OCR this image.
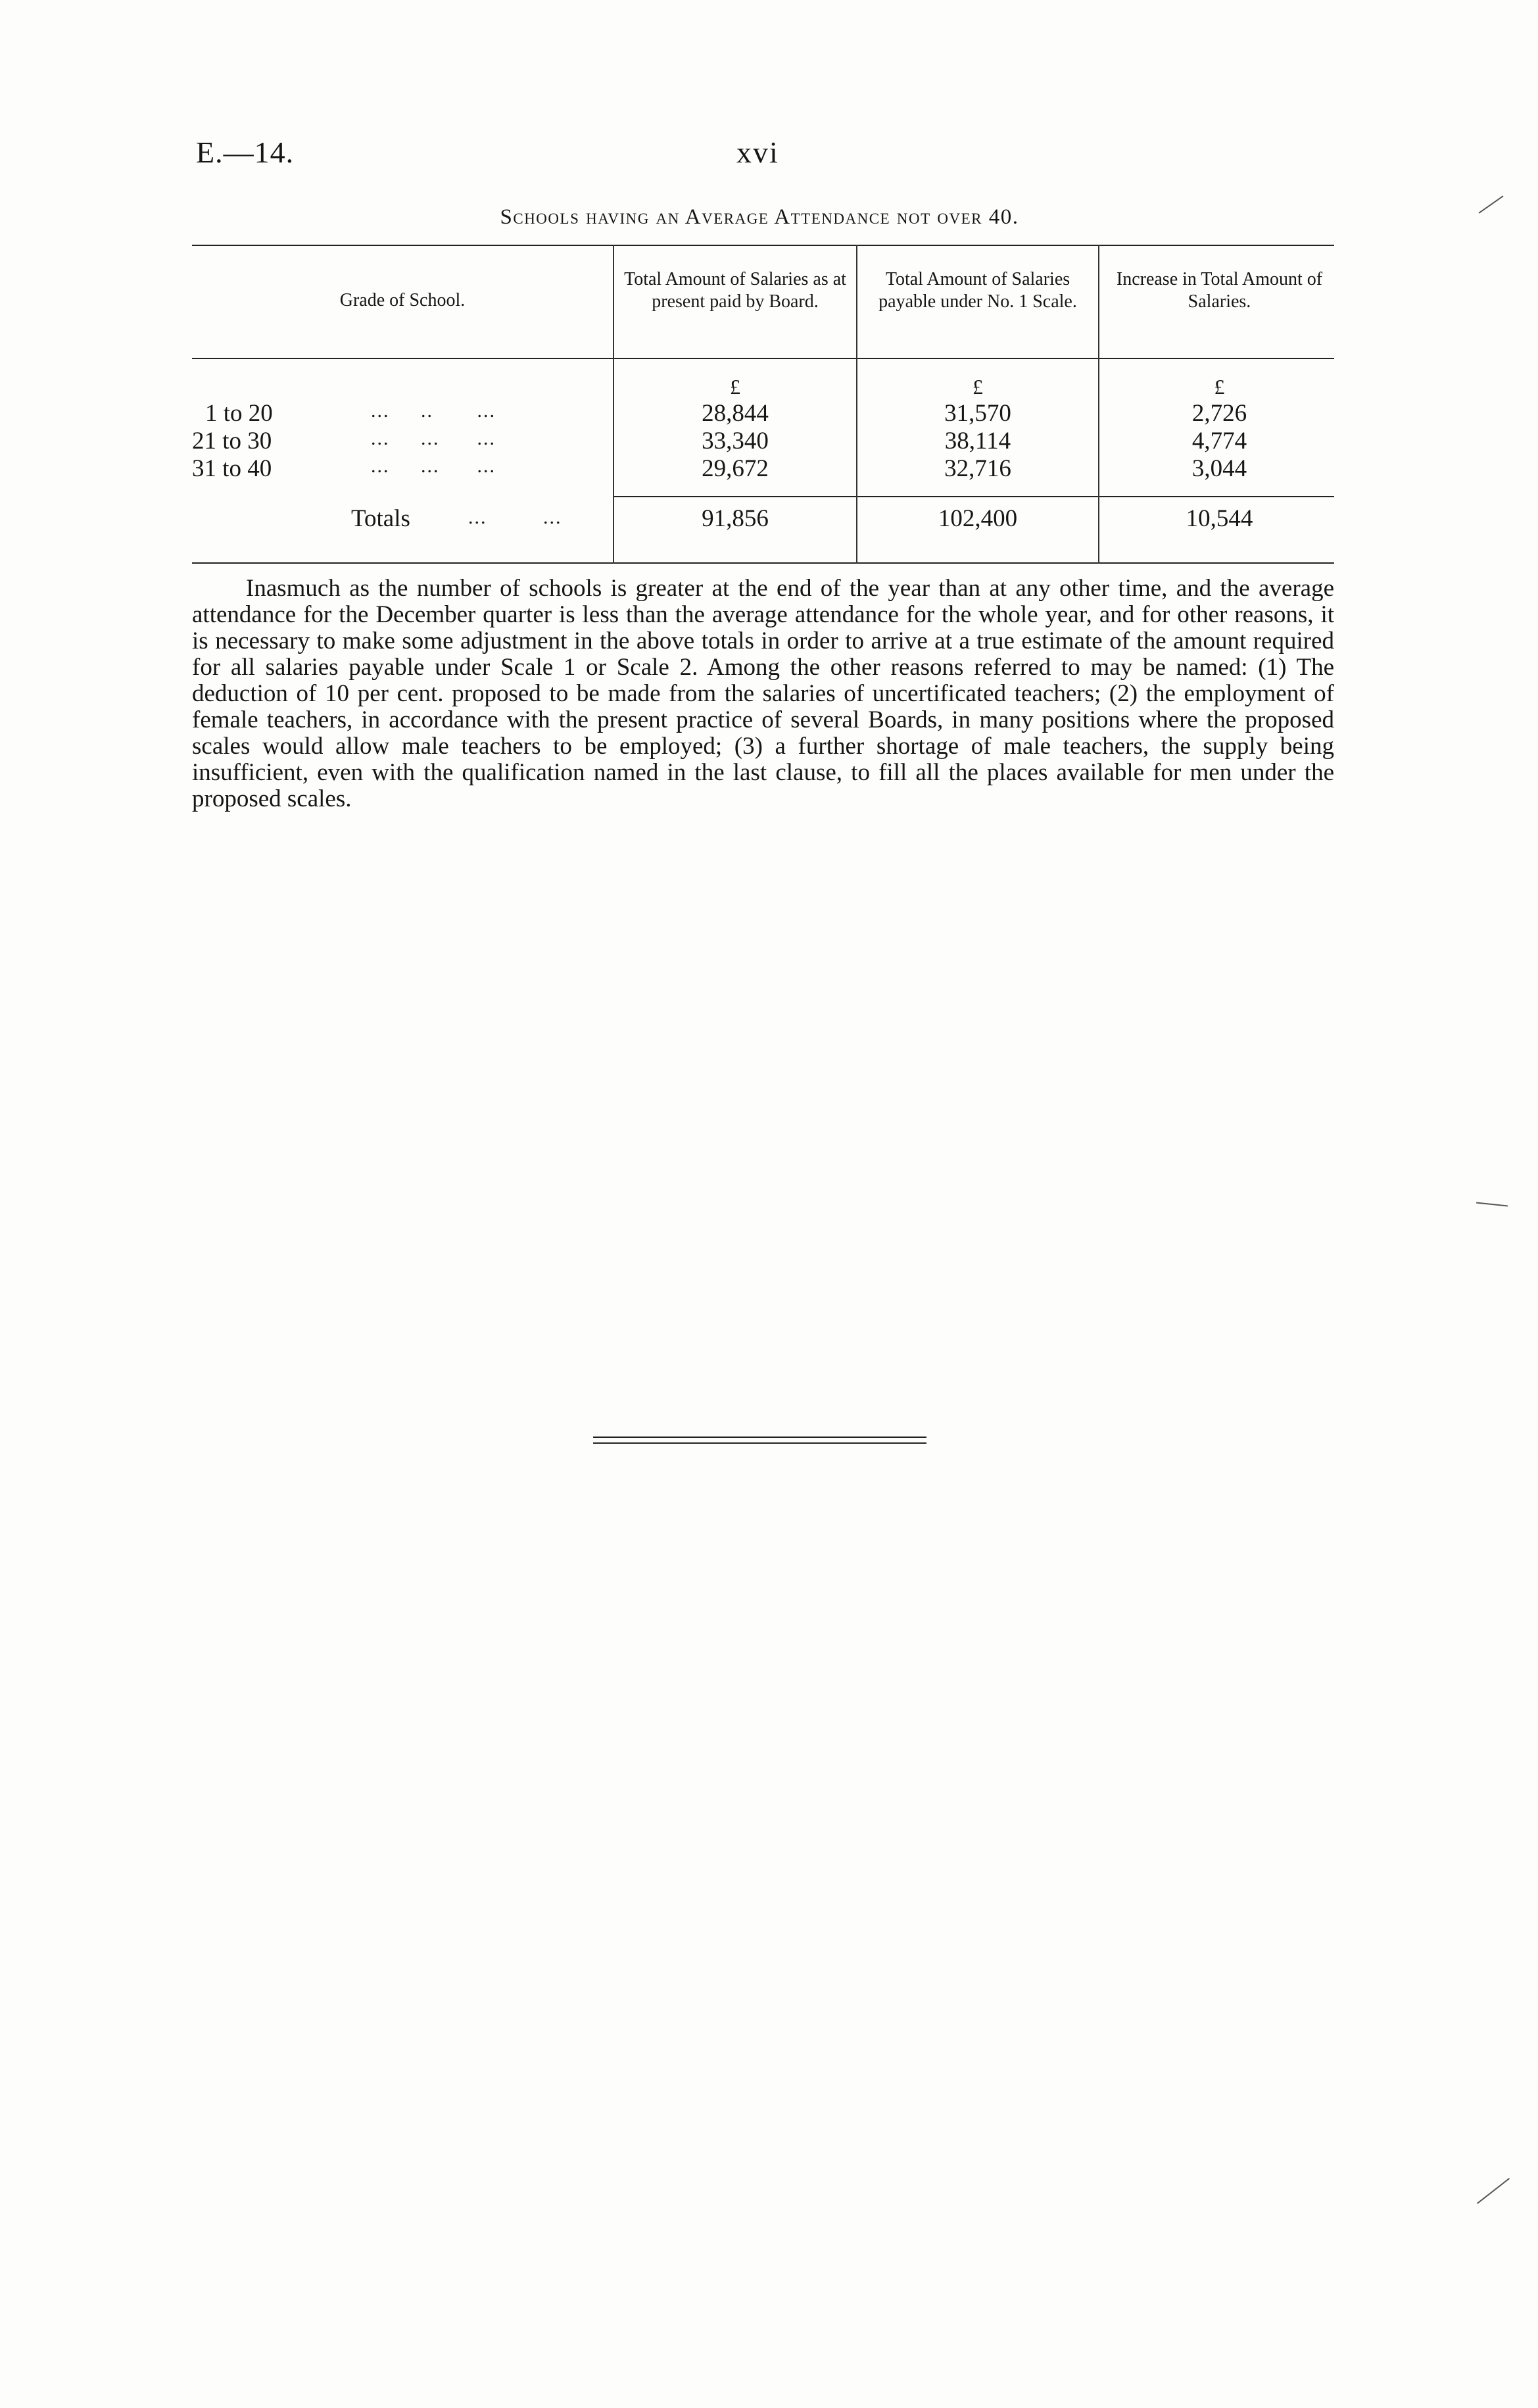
E.—14.	xvi
Schools having an Average Attendance not over 40.
Grade of School.
Total Amount of Salaries as at present paid by Board.
Total Amount of Salaries payable under No. 1 Scale.
Increase in Total Amount of Salaries.
£	£	£
1 to 20	...     ..       ...	28,844	31,570	2,726
21 to 30	...     ...      ...	33,340	38,114	4,774
31 to 40	...     ...      ...	29,672	32,716	3,044
Totals	...         ...	91,856	102,400	10,544
Inasmuch as the number of schools is greater at the end of the year than at any other time, and the average attendance for the December quarter is less than the average attendance for the whole year, and for other reasons, it is necessary to make some adjustment in the above totals in order to arrive at a true estimate of the amount required for all salaries payable under Scale 1 or Scale 2. Among the other reasons referred to may be named: (1) The deduction of 10 per cent. proposed to be made from the salaries of uncertificated teachers; (2) the employment of female teachers, in accordance with the present practice of several Boards, in many positions where the proposed scales would allow male teachers to be employed; (3) a further shortage of male teachers, the supply being insufficient, even with the qualification named in the last clause, to fill all the places available for men under the proposed scales.
